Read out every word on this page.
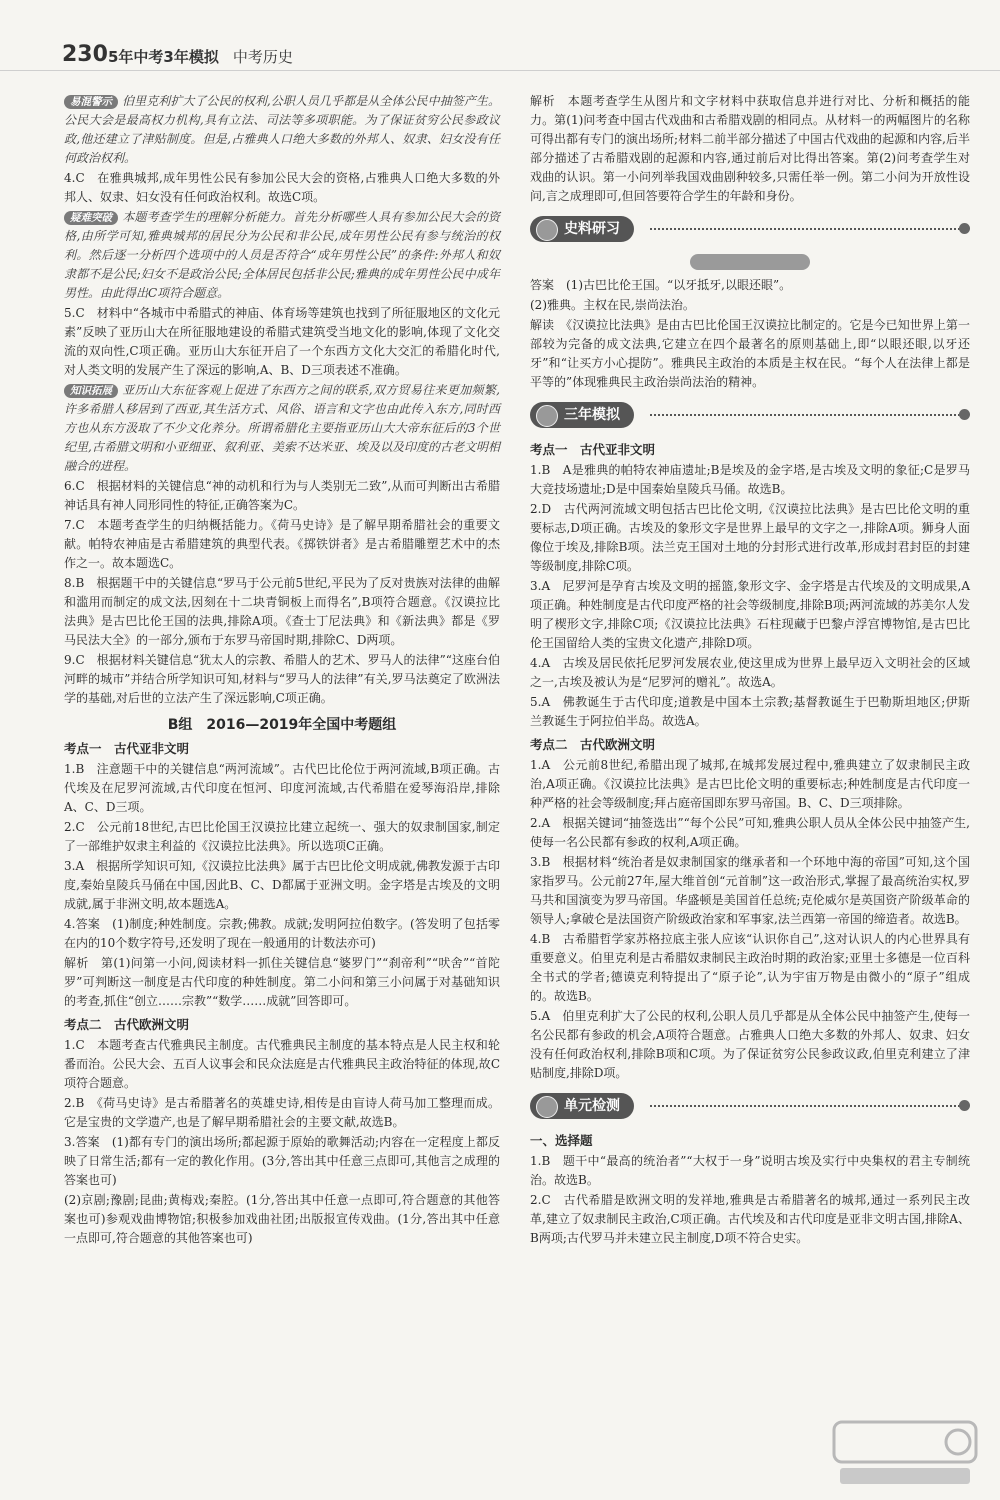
230 5年中考3年模拟 中考历史

易混警示 伯里克利扩大了公民的权利,公职人员几乎都是从全体公民中抽签产生。公民大会是最高权力机构,具有立法、司法等多项职能。为了保证贫穷公民参政议政,他还建立了津贴制度。但是,占雅典人口绝大多数的外邦人、奴隶、妇女没有任何政治权利。

4.C　在雅典城邦,成年男性公民有参加公民大会的资格,占雅典人口绝大多数的外邦人、奴隶、妇女没有任何政治权利。故选C项。

疑难突破 本题考查学生的理解分析能力。首先分析哪些人具有参加公民大会的资格,由所学可知,雅典城邦的居民分为公民和非公民,成年男性公民有参与统治的权利。然后逐一分析四个选项中的人员是否符合“成年男性公民”的条件:外邦人和奴隶都不是公民;妇女不是政治公民;全体居民包括非公民;雅典的成年男性公民中成年男性。由此得出C项符合题意。

5.C　材料中“各城市中希腊式的神庙、体育场等建筑也找到了所征服地区的文化元素”反映了亚历山大在所征服地建设的希腊式建筑受当地文化的影响,体现了文化交流的双向性,C项正确。亚历山大东征开启了一个东西方文化大交汇的希腊化时代,对人类文明的发展产生了深远的影响,A、B、D三项表述不准确。

知识拓展 亚历山大东征客观上促进了东西方之间的联系,双方贸易往来更加频繁,许多希腊人移居到了西亚,其生活方式、风俗、语言和文字也由此传入东方,同时西方也从东方汲取了不少文化养分。所谓希腊化主要指亚历山大大帝东征后的3个世纪里,古希腊文明和小亚细亚、叙利亚、美索不达米亚、埃及以及印度的古老文明相融合的进程。

6.C　根据材料的关键信息“神的动机和行为与人类别无二致”,从而可判断出古希腊神话具有神人同形同性的特征,正确答案为C。

7.C　本题考查学生的归纳概括能力。《荷马史诗》是了解早期希腊社会的重要文献。帕特农神庙是古希腊建筑的典型代表。《掷铁饼者》是古希腊雕塑艺术中的杰作之一。故本题选C。

8.B　根据题干中的关键信息“罗马于公元前5世纪,平民为了反对贵族对法律的曲解和滥用而制定的成文法,因刻在十二块青铜板上而得名”,B项符合题意。《汉谟拉比法典》是古巴比伦王国的法典,排除A项。《查士丁尼法典》和《新法典》都是《罗马民法大全》的一部分,颁布于东罗马帝国时期,排除C、D两项。

9.C　根据材料关键信息“犹太人的宗教、希腊人的艺术、罗马人的法律”“这座台伯河畔的城市”并结合所学知识可知,材料与“罗马人的法律”有关,罗马法奠定了欧洲法学的基础,对后世的立法产生了深远影响,C项正确。

B组　2016—2019年全国中考题组
考点一　古代亚非文明

1.B　注意题干中的关键信息“两河流域”。古代巴比伦位于两河流域,B项正确。古代埃及在尼罗河流域,古代印度在恒河、印度河流域,古代希腊在爱琴海沿岸,排除A、C、D三项。

2.C　公元前18世纪,古巴比伦国王汉谟拉比建立起统一、强大的奴隶制国家,制定了一部维护奴隶主利益的《汉谟拉比法典》。所以选项C正确。

3.A　根据所学知识可知,《汉谟拉比法典》属于古巴比伦文明成就,佛教发源于古印度,秦始皇陵兵马俑在中国,因此B、C、D都属于亚洲文明。金字塔是古埃及的文明成就,属于非洲文明,故本题选A。

4.答案　(1)制度;种姓制度。宗教;佛教。成就;发明阿拉伯数字。(答发明了包括零在内的10个数字符号,还发明了现在一般通用的计数法亦可)

解析　第(1)问第一小问,阅读材料一抓住关键信息“婆罗门”“刹帝利”“吠舍”“首陀罗”可判断这一制度是古代印度的种姓制度。第二小问和第三小问属于对基础知识的考查,抓住“创立……宗教”“数学……成就”回答即可。

考点二　古代欧洲文明

1.C　本题考查古代雅典民主制度。古代雅典民主制度的基本特点是人民主权和轮番而治。公民大会、五百人议事会和民众法庭是古代雅典民主政治特征的体现,故C项符合题意。

2.B　《荷马史诗》是古希腊著名的英雄史诗,相传是由盲诗人荷马加工整理而成。它是宝贵的文学遗产,也是了解早期希腊社会的主要文献,故选B。

3.答案　(1)都有专门的演出场所;都起源于原始的歌舞活动;内容在一定程度上都反映了日常生活;都有一定的教化作用。(3分,答出其中任意三点即可,其他言之成理的答案也可)

(2)京剧;豫剧;昆曲;黄梅戏;秦腔。(1分,答出其中任意一点即可,符合题意的其他答案也可)参观戏曲博物馆;积极参加戏曲社团;出版报宣传戏曲。(1分,答出其中任意一点即可,符合题意的其他答案也可)

解析　本题考查学生从图片和文字材料中获取信息并进行对比、分析和概括的能力。第(1)问考查中国古代戏曲和古希腊戏剧的相同点。从材料一的两幅图片的名称可得出都有专门的演出场所;材料二前半部分描述了中国古代戏曲的起源和内容,后半部分描述了古希腊戏剧的起源和内容,通过前后对比得出答案。第(2)问考查学生对戏曲的认识。第一小问列举我国戏曲剧种较多,只需任举一例。第二小问为开放性设问,言之成理即可,但回答要符合学生的年龄和身份。

史料研习

答案　(1)古巴比伦王国。“以牙抵牙,以眼还眼”。

(2)雅典。主权在民,崇尚法治。

解读　《汉谟拉比法典》是由古巴比伦国王汉谟拉比制定的。它是今已知世界上第一部较为完备的成文法典,它建立在四个最著名的原则基础上,即“以眼还眼,以牙还牙”和“让买方小心提防”。雅典民主政治的本质是主权在民。“每个人在法律上都是平等的”体现雅典民主政治崇尚法治的精神。

三年模拟
考点一　古代亚非文明

1.B　A是雅典的帕特农神庙遗址;B是埃及的金字塔,是古埃及文明的象征;C是罗马大竞技场遗址;D是中国秦始皇陵兵马俑。故选B。

2.D　古代两河流域文明包括古巴比伦文明,《汉谟拉比法典》是古巴比伦文明的重要标志,D项正确。古埃及的象形文字是世界上最早的文字之一,排除A项。狮身人面像位于埃及,排除B项。法兰克王国对土地的分封形式进行改革,形成封君封臣的封建等级制度,排除C项。

3.A　尼罗河是孕育古埃及文明的摇篮,象形文字、金字塔是古代埃及的文明成果,A项正确。种姓制度是古代印度严格的社会等级制度,排除B项;两河流域的苏美尔人发明了楔形文字,排除C项;《汉谟拉比法典》石柱现藏于巴黎卢浮宫博物馆,是古巴比伦王国留给人类的宝贵文化遗产,排除D项。

4.A　古埃及居民依托尼罗河发展农业,使这里成为世界上最早迈入文明社会的区域之一,古埃及被认为是“尼罗河的赠礼”。故选A。

5.A　佛教诞生于古代印度;道教是中国本土宗教;基督教诞生于巴勒斯坦地区;伊斯兰教诞生于阿拉伯半岛。故选A。

考点二　古代欧洲文明

1.A　公元前8世纪,希腊出现了城邦,在城邦发展过程中,雅典建立了奴隶制民主政治,A项正确。《汉谟拉比法典》是古巴比伦文明的重要标志;种姓制度是古代印度一种严格的社会等级制度;拜占庭帝国即东罗马帝国。B、C、D三项排除。

2.A　根据关键词“抽签选出”“每个公民”可知,雅典公职人员从全体公民中抽签产生,使每一名公民都有参政的权利,A项正确。

3.B　根据材料“统治者是奴隶制国家的继承者和一个环地中海的帝国”可知,这个国家指罗马。公元前27年,屋大维首创“元首制”这一政治形式,掌握了最高统治实权,罗马共和国演变为罗马帝国。华盛顿是美国首任总统;克伦威尔是英国资产阶级革命的领导人;拿破仑是法国资产阶级政治家和军事家,法兰西第一帝国的缔造者。故选B。

4.B　古希腊哲学家苏格拉底主张人应该“认识你自己”,这对认识人的内心世界具有重要意义。伯里克利是古希腊奴隶制民主政治时期的政治家;亚里士多德是一位百科全书式的学者;德谟克利特提出了“原子论”,认为宇宙万物是由微小的“原子”组成的。故选B。

5.A　伯里克利扩大了公民的权利,公职人员几乎都是从全体公民中抽签产生,使每一名公民都有参政的机会,A项符合题意。占雅典人口绝大多数的外邦人、奴隶、妇女没有任何政治权利,排除B项和C项。为了保证贫穷公民参政议政,伯里克利建立了津贴制度,排除D项。

单元检测
一、选择题

1.B　题干中“最高的统治者”“大权于一身”说明古埃及实行中央集权的君主专制统治。故选B。

2.C　古代希腊是欧洲文明的发祥地,雅典是古希腊著名的城邦,通过一系列民主改革,建立了奴隶制民主政治,C项正确。古代埃及和古代印度是亚非文明古国,排除A、B两项;古代罗马并未建立民主制度,D项不符合史实。
